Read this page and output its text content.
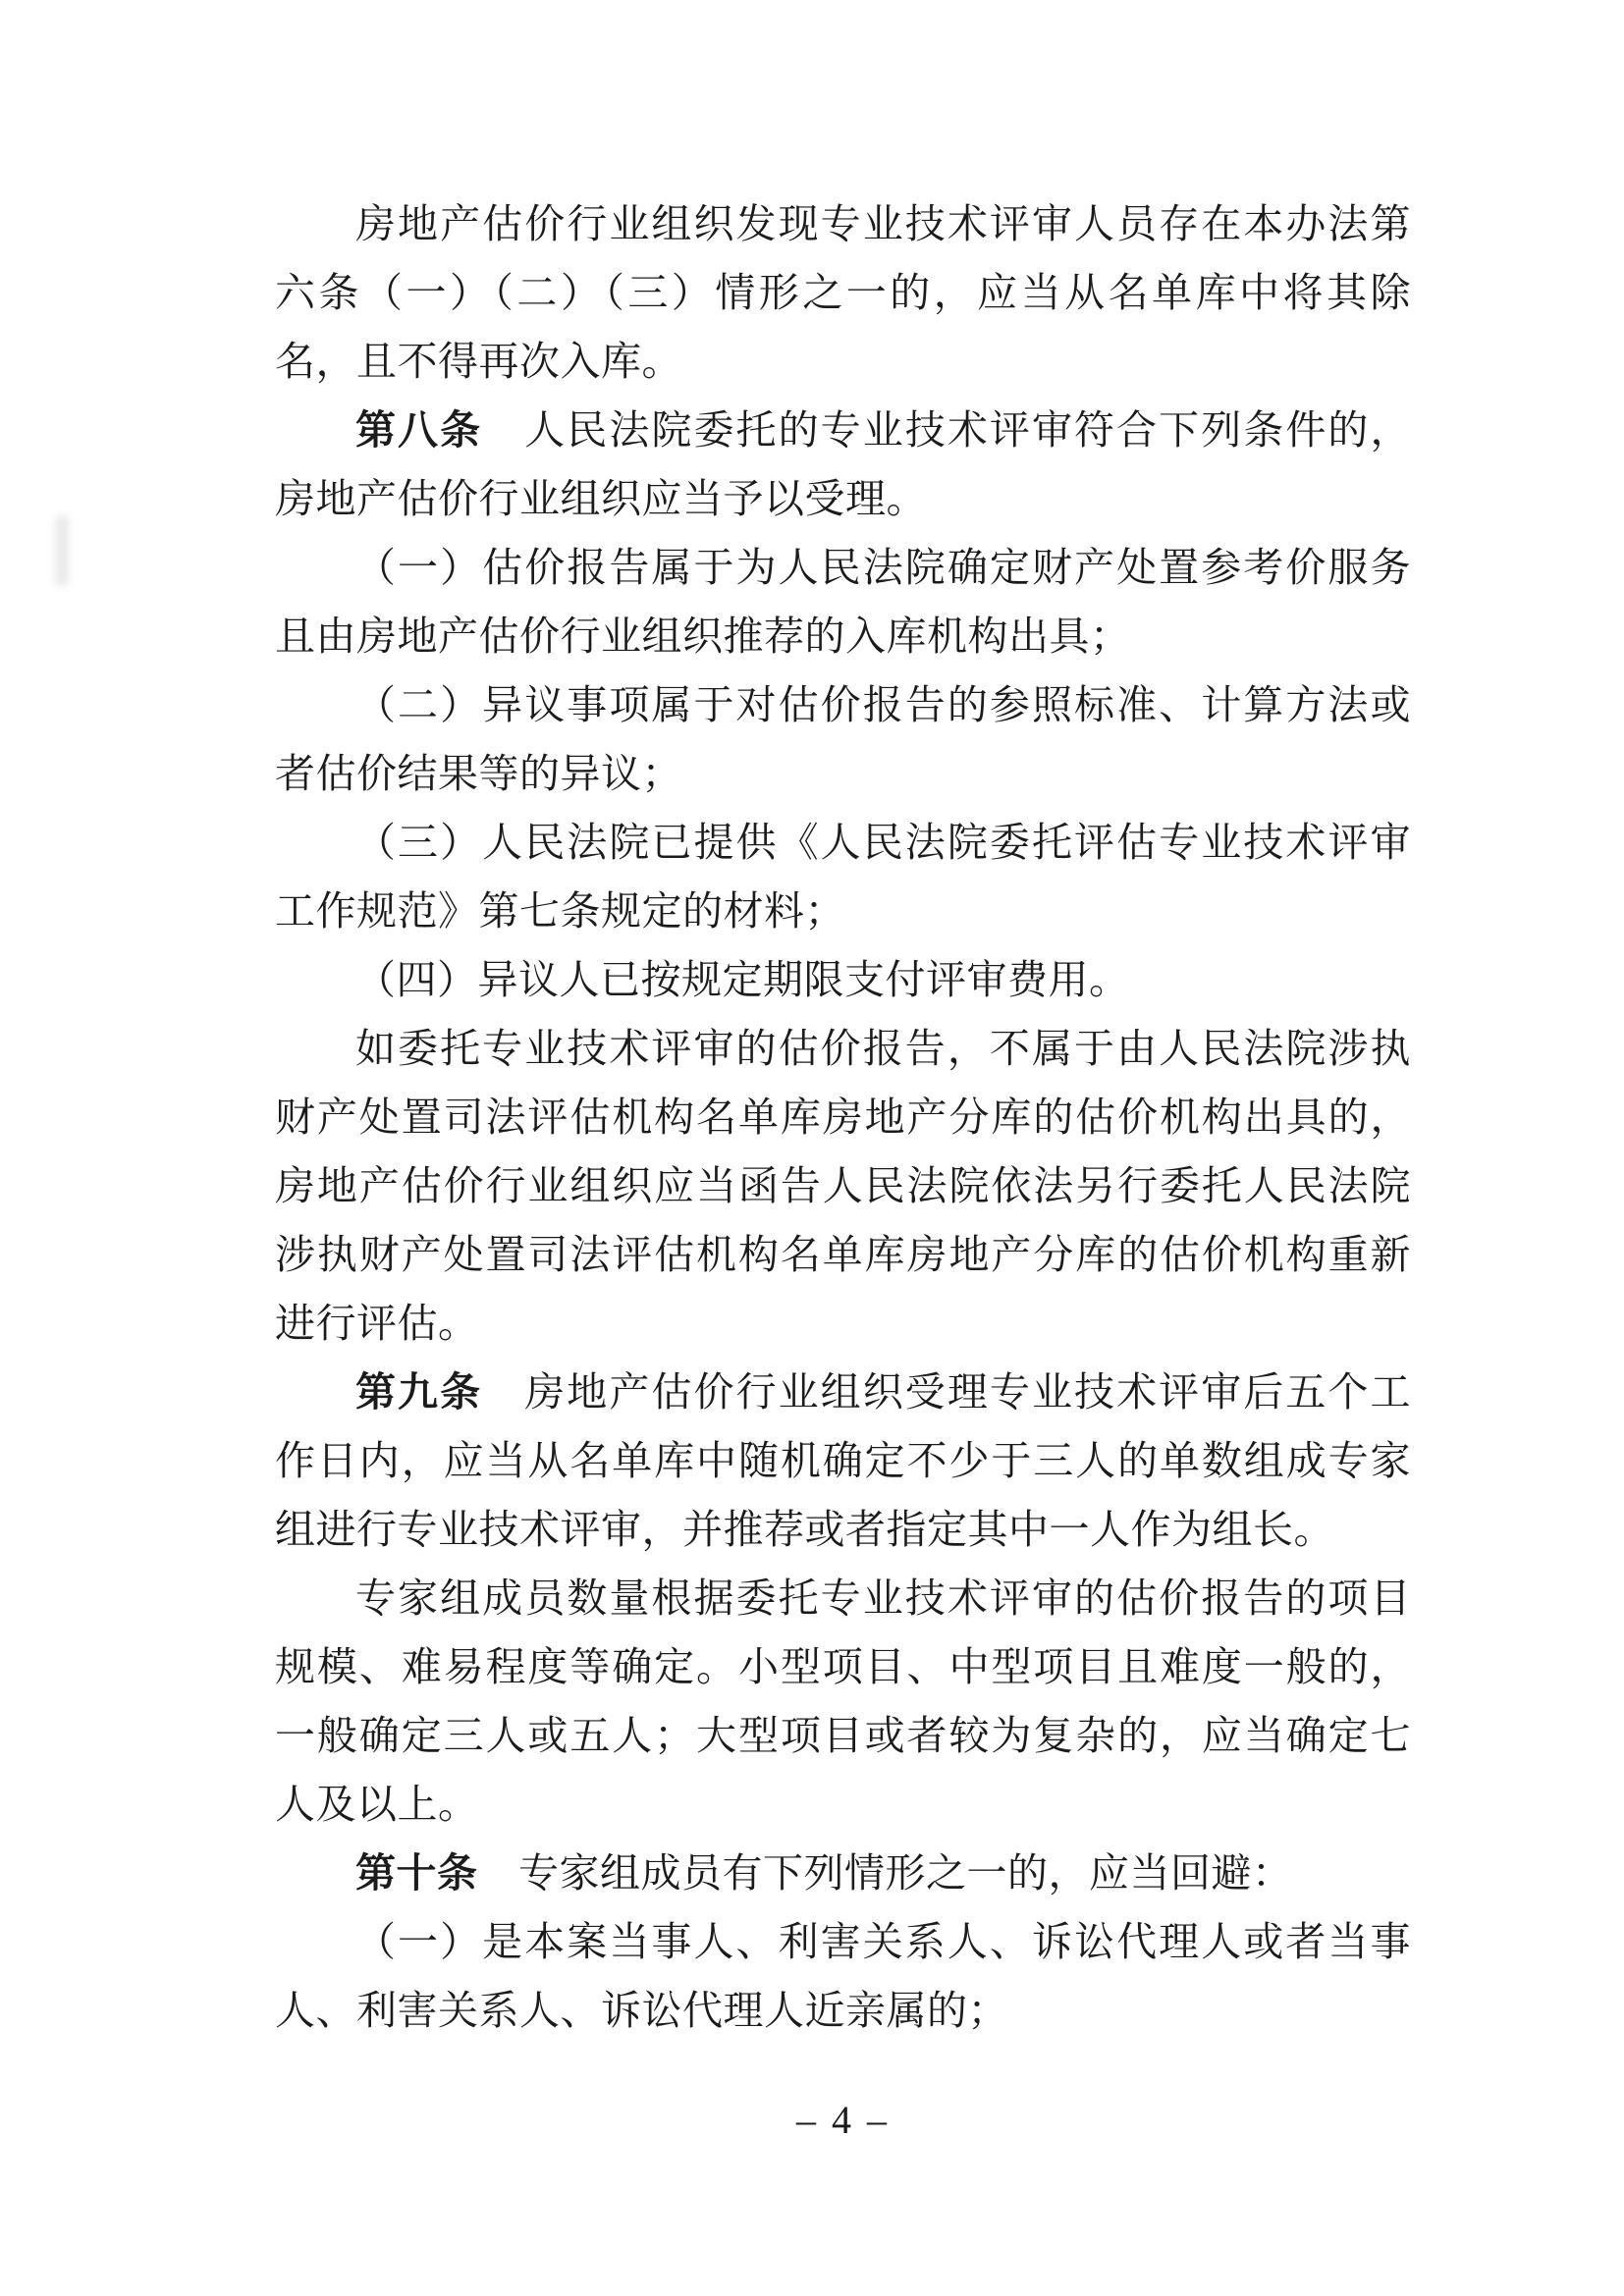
房地产估价行业组织发现专业技术评审人员存在本办法第六条（一）（二）（三）情形之一的，应当从名单库中将其除名，且不得再次入库。

第八条　人民法院委托的专业技术评审符合下列条件的，房地产估价行业组织应当予以受理。

（一）估价报告属于为人民法院确定财产处置参考价服务且由房地产估价行业组织推荐的入库机构出具；

（二）异议事项属于对估价报告的参照标准、计算方法或者估价结果等的异议；

（三）人民法院已提供《人民法院委托评估专业技术评审工作规范》第七条规定的材料；

（四）异议人已按规定期限支付评审费用。

如委托专业技术评审的估价报告，不属于由人民法院涉执财产处置司法评估机构名单库房地产分库的估价机构出具的，房地产估价行业组织应当函告人民法院依法另行委托人民法院涉执财产处置司法评估机构名单库房地产分库的估价机构重新进行评估。

第九条　房地产估价行业组织受理专业技术评审后五个工作日内，应当从名单库中随机确定不少于三人的单数组成专家组进行专业技术评审，并推荐或者指定其中一人作为组长。

专家组成员数量根据委托专业技术评审的估价报告的项目规模、难易程度等确定。小型项目、中型项目且难度一般的，一般确定三人或五人；大型项目或者较为复杂的，应当确定七人及以上。

第十条　专家组成员有下列情形之一的，应当回避：

（一）是本案当事人、利害关系人、诉讼代理人或者当事人、利害关系人、诉讼代理人近亲属的；

– 4 –
